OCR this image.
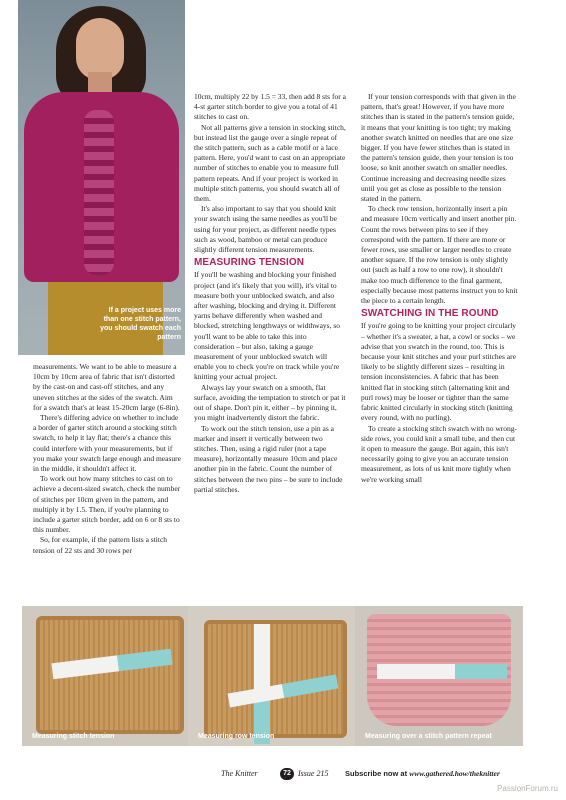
If a project uses more than one stitch pattern, you should swatch each pattern

measurements. We want to be able to measure a 10cm by 10cm area of fabric that isn't distorted by the cast-on and cast-off stitches, and any uneven stitches at the sides of the swatch. Aim for a swatch that's at least 15-20cm large (6-8in).

There's differing advice on whether to include a border of garter stitch around a stocking stitch swatch, to help it lay flat; there's a chance this could interfere with your measurements, but if you make your swatch large enough and measure in the middle, it shouldn't affect it.

To work out how many stitches to cast on to achieve a decent-sized swatch, check the number of stitches per 10cm given in the pattern, and multiply it by 1.5. Then, if you're planning to include a garter stitch border, add on 6 or 8 sts to this number.

So, for example, if the pattern lists a stitch tension of 22 sts and 30 rows per

10cm, multiply 22 by 1.5 = 33, then add 8 sts for a 4-st garter stitch border to give you a total of 41 stitches to cast on.

Not all patterns give a tension in stocking stitch, but instead list the gauge over a single repeat of the stitch pattern, such as a cable motif or a lace pattern. Here, you'd want to cast on an appropriate number of stitches to enable you to measure full pattern repeats. And if your project is worked in multiple stitch patterns, you should swatch all of them.

It's also important to say that you should knit your swatch using the same needles as you'll be using for your project, as different needle types such as wood, bamboo or metal can produce slightly different tension measurements.

MEASURING TENSION

If you'll be washing and blocking your finished project (and it's likely that you will), it's vital to measure both your unblocked swatch, and also after washing, blocking and drying it. Different yarns behave differently when washed and blocked, stretching lengthways or widthways, so you'll want to be able to take this into consideration – but also, taking a gauge measurement of your unblocked swatch will enable you to check you're on track while you're knitting your actual project.

Always lay your swatch on a smooth, flat surface, avoiding the temptation to stretch or pat it out of shape. Don't pin it, either – by pinning it, you might inadvertently distort the fabric.

To work out the stitch tension, use a pin as a marker and insert it vertically between two stitches. Then, using a rigid ruler (not a tape measure), horizontally measure 10cm and place another pin in the fabric. Count the number of stitches between the two pins – be sure to include partial stitches.

If your tension corresponds with that given in the pattern, that's great! However, if you have more stitches than is stated in the pattern's tension guide, it means that your knitting is too tight; try making another swatch knitted on needles that are one size bigger. If you have fewer stitches than is stated in the pattern's tension guide, then your tension is too loose, so knit another swatch on smaller needles. Continue increasing and decreasing needle sizes until you get as close as possible to the tension stated in the pattern.

To check row tension, horizontally insert a pin and measure 10cm vertically and insert another pin. Count the rows between pins to see if they correspond with the pattern. If there are more or fewer rows, use smaller or larger needles to create another square. If the row tension is only slightly out (such as half a row to one row), it shouldn't make too much difference to the final garment, especially because most patterns instruct you to knit the piece to a certain length.

SWATCHING IN THE ROUND

If you're going to be knitting your project circularly – whether it's a sweater, a hat, a cowl or socks – we advise that you swatch in the round, too. This is because your knit stitches and your purl stitches are likely to be slightly different sizes – resulting in tension inconsistencies. A fabric that has been knitted flat in stocking stitch (alternating knit and purl rows) may be looser or tighter than the same fabric knitted circularly in stocking stitch (knitting every round, with no purling).

To create a stocking stitch swatch with no wrong-side rows, you could knit a small tube, and then cut it open to measure the gauge. But again, this isn't necessarily going to give you an accurate tension measurement, as lots of us knit more tightly when we're working small

Measuring stitch tension	Measuring row tension	Measuring over a stitch pattern repeat
The Knitter	72 Issue 215 Subscribe now at www.gathered.how/theknitter
PassionForum.ru
